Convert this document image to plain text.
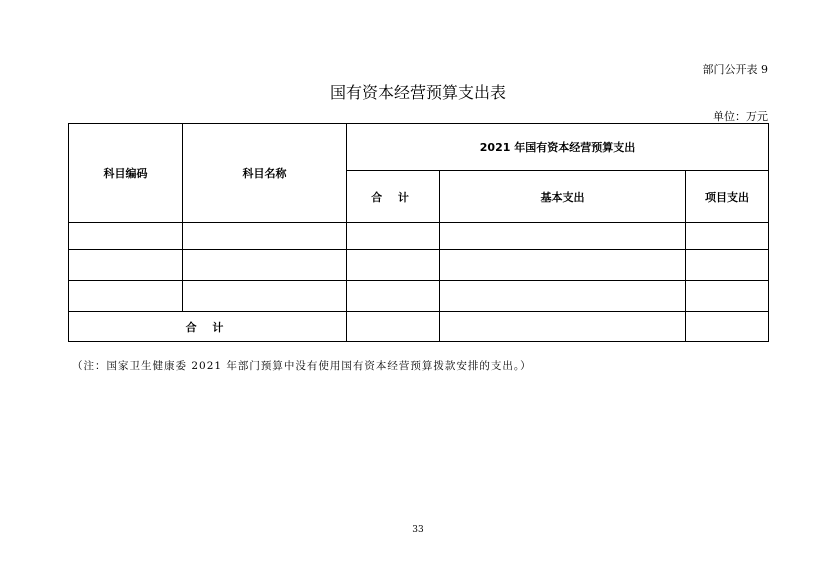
部门公开表 9
国有资本经营预算支出表
单位：万元
科目编码	科目名称	2021 年国有资本经营预算支出		
		合 计	基本支出	项目支出

合 计				
（注：国家卫生健康委 2021 年部门预算中没有使用国有资本经营预算拨款安排的支出。）
33
